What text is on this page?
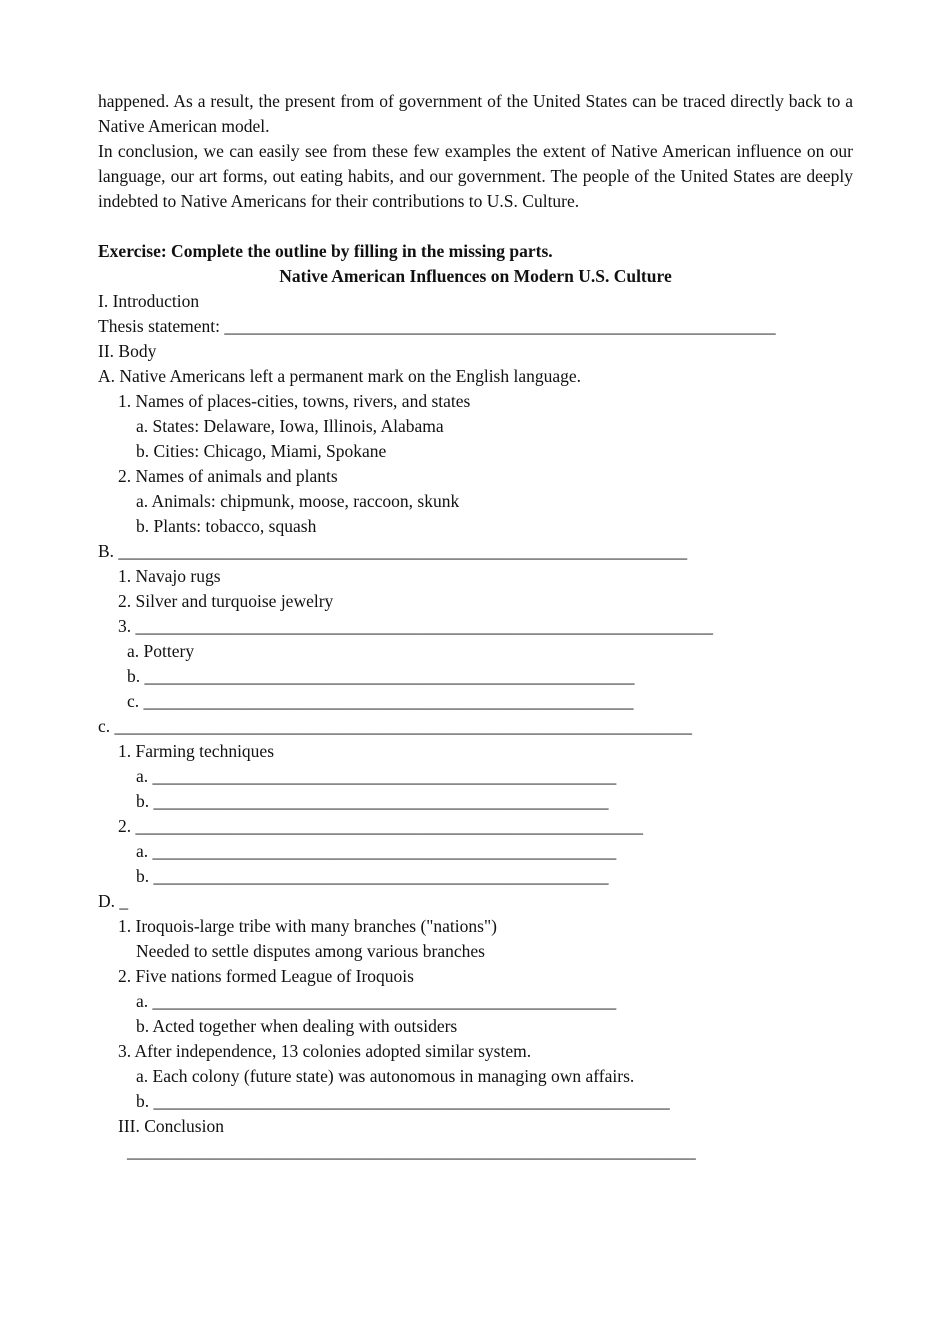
happened. As a result, the present from of government of the United States can be traced directly back to a Native American model.

In conclusion, we can easily see from these few examples the extent of Native American influence on our language, our art forms, out eating habits, and our government. The people of the United States are deeply indebted to Native Americans for their contributions to U.S. Culture.

Exercise: Complete the outline by filling in the missing parts.

Native American Influences on Modern U.S. Culture

I. Introduction

Thesis statement: _______________________________________________________________

II. Body

A. Native Americans left a permanent mark on the English language.

1. Names of places-cities, towns, rivers, and states

a. States: Delaware, Iowa, Illinois, Alabama

b. Cities: Chicago, Miami, Spokane

2. Names of animals and plants

a. Animals: chipmunk, moose, raccoon, skunk

b. Plants: tobacco, squash

B. _________________________________________________________________

1. Navajo rugs

2. Silver and turquoise jewelry

3. __________________________________________________________________

a. Pottery

b. ________________________________________________________

c. ________________________________________________________

c. __________________________________________________________________

1. Farming techniques

a. _____________________________________________________

b. ____________________________________________________

2. __________________________________________________________

a. _____________________________________________________

b. ____________________________________________________

D. _

1. Iroquois-large tribe with many branches ("nations")

Needed to settle disputes among various branches

2. Five nations formed League of Iroquois

a. _____________________________________________________

b. Acted together when dealing with outsiders

3. After independence, 13 colonies adopted similar system.

a. Each colony (future state) was autonomous in managing own affairs.

b. ___________________________________________________________

III. Conclusion

_________________________________________________________________
